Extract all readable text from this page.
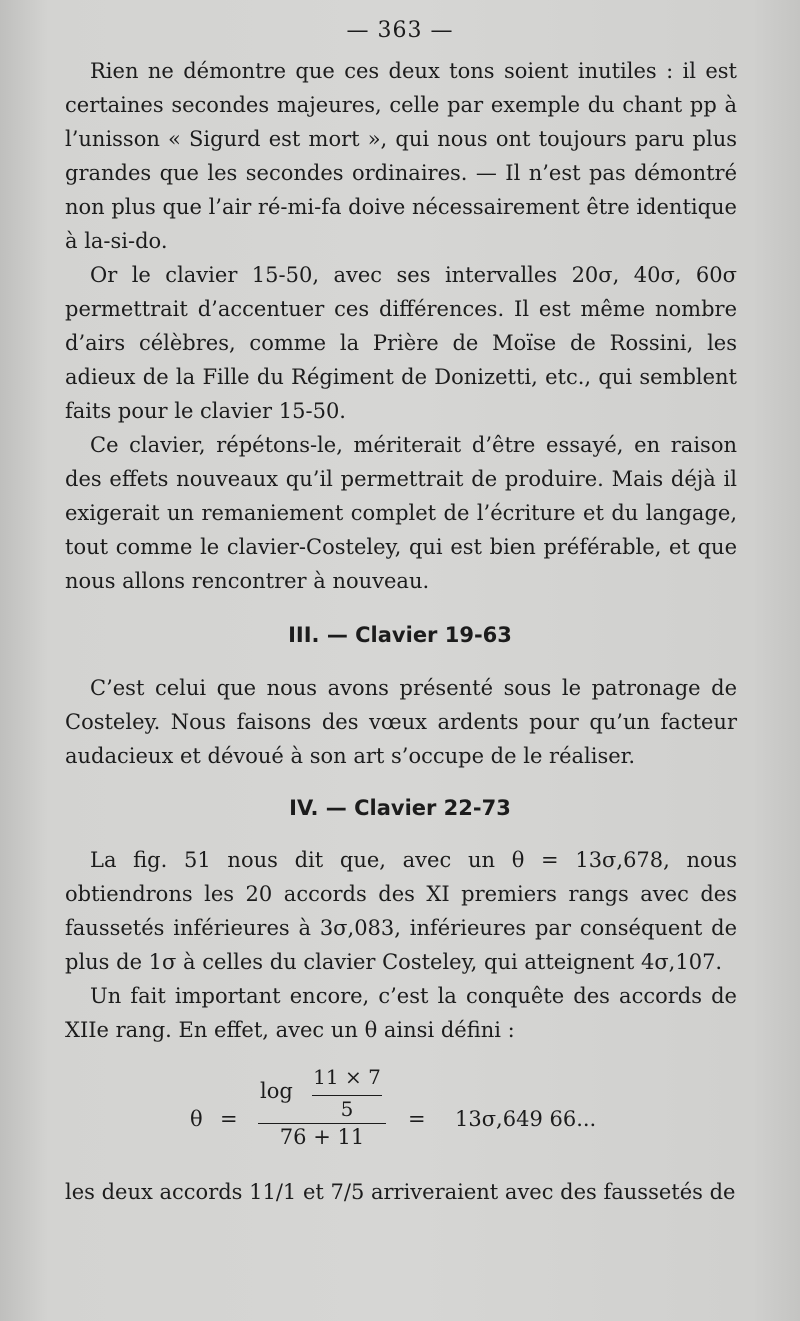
— 363 —

Rien ne démontre que ces deux tons soient inutiles : il est certaines secondes majeures, celle par exemple du chant pp à l’unisson « Sigurd est mort », qui nous ont toujours paru plus grandes que les secondes ordinaires. — Il n’est pas démontré non plus que l’air ré-mi-fa doive nécessairement être identique à la-si-do.

Or le clavier 15-50, avec ses intervalles 20σ, 40σ, 60σ permettrait d’accentuer ces différences. Il est même nombre d’airs célèbres, comme la Prière de Moïse de Rossini, les adieux de la Fille du Régiment de Donizetti, etc., qui semblent faits pour le clavier 15-50.

Ce clavier, répétons-le, mériterait d’être essayé, en raison des effets nouveaux qu’il permettrait de produire. Mais déjà il exigerait un remaniement complet de l’écriture et du langage, tout comme le clavier-Costeley, qui est bien préférable, et que nous allons rencontrer à nouveau.

III. — Clavier 19-63

C’est celui que nous avons présenté sous le patronage de Costeley. Nous faisons des vœux ardents pour qu’un facteur audacieux et dévoué à son art s’occupe de le réaliser.

IV. — Clavier 22-73

La fig. 51 nous dit que, avec un θ = 13σ,678, nous obtiendrons les 20 accords des XI premiers rangs avec des faussetés inférieures à 3σ,083, inférieures par conséquent de plus de 1σ à celles du clavier Costeley, qui atteignent 4σ,107.

Un fait important encore, c’est la conquête des accords de XIIe rang. En effet, avec un θ ainsi défini :

θ =
log
11 × 7
5
76 + 11
= 13σ,649 66...
les deux accords 11/1 et 7/5 arriveraient avec des faussetés de
